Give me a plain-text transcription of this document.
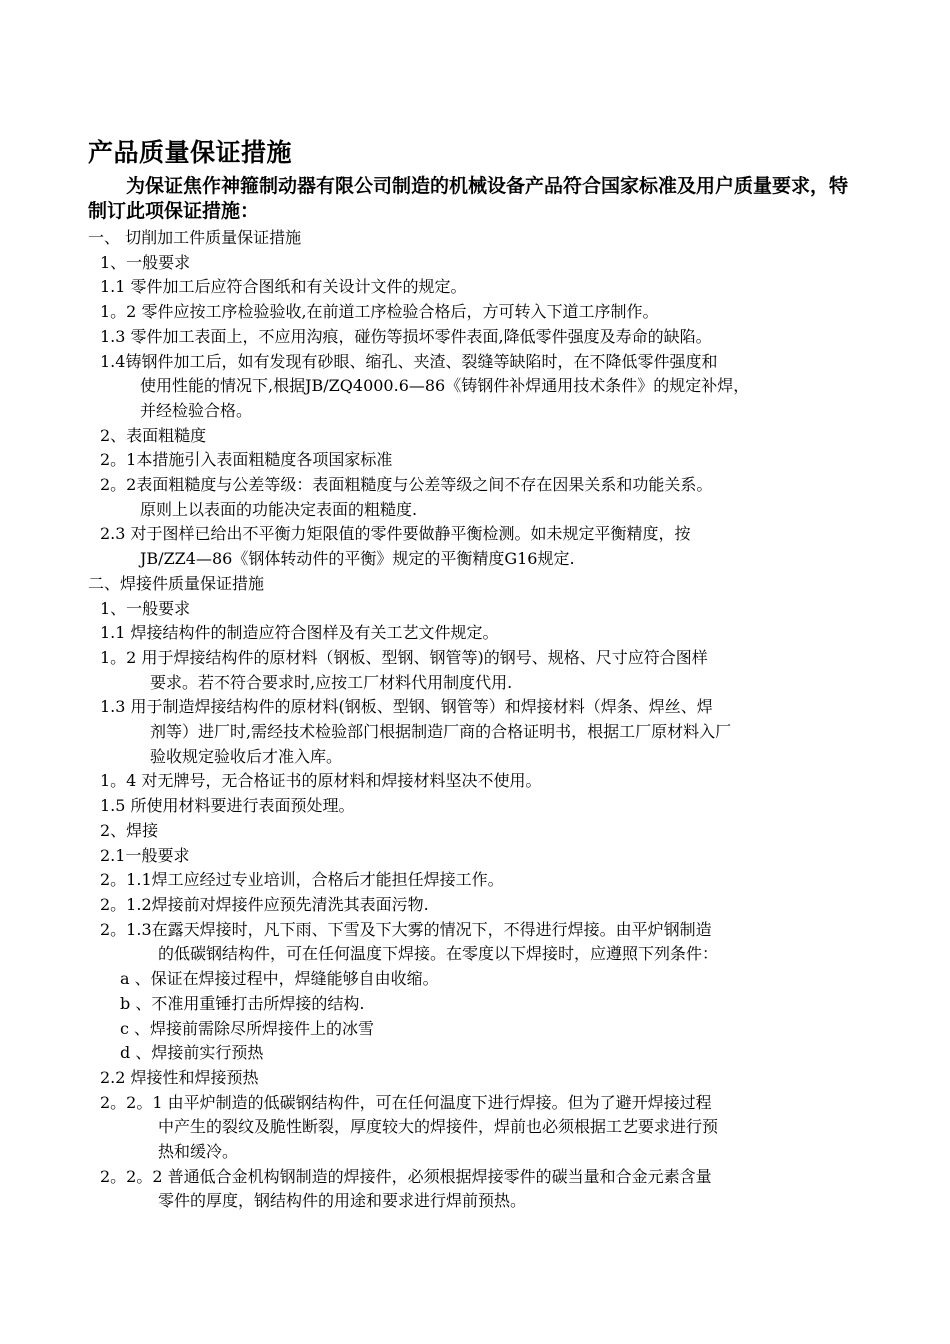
产品质量保证措施
为保证焦作神箍制动器有限公司制造的机械设备产品符合国家标准及用户质量要求，特制订此项保证措施：
一、 切削加工件质量保证措施
1、一般要求
1.1 零件加工后应符合图纸和有关设计文件的规定。
1。2 零件应按工序检验验收,在前道工序检验合格后，方可转入下道工序制作。
1.3 零件加工表面上，不应用沟痕，碰伤等损坏零件表面,降低零件强度及寿命的缺陷。
1.4铸钢件加工后，如有发现有砂眼、缩孔、夹渣、裂缝等缺陷时，在不降低零件强度和
使用性能的情况下,根据JB/ZQ4000.6—86《铸钢件补焊通用技术条件》的规定补焊，
并经检验合格。
2、表面粗糙度
2。1本措施引入表面粗糙度各项国家标准
2。2表面粗糙度与公差等级：表面粗糙度与公差等级之间不存在因果关系和功能关系。
原则上以表面的功能决定表面的粗糙度.
2.3 对于图样已给出不平衡力矩限值的零件要做静平衡检测。如未规定平衡精度，按
JB/ZZ4—86《钢体转动件的平衡》规定的平衡精度G16规定.
二、焊接件质量保证措施
1、一般要求
1.1 焊接结构件的制造应符合图样及有关工艺文件规定。
1。2 用于焊接结构件的原材料（钢板、型钢、钢管等)的钢号、规格、尺寸应符合图样
要求。若不符合要求时,应按工厂材料代用制度代用.
1.3 用于制造焊接结构件的原材料(钢板、型钢、钢管等）和焊接材料（焊条、焊丝、焊
剂等）进厂时,需经技术检验部门根据制造厂商的合格证明书，根据工厂原材料入厂
验收规定验收后才准入库。
1。4 对无牌号，无合格证书的原材料和焊接材料坚决不使用。
1.5 所使用材料要进行表面预处理。
2、焊接
2.1一般要求
2。1.1焊工应经过专业培训，合格后才能担任焊接工作。
2。1.2焊接前对焊接件应预先清洗其表面污物.
2。1.3在露天焊接时，凡下雨、下雪及下大雾的情况下，不得进行焊接。由平炉钢制造
的低碳钢结构件，可在任何温度下焊接。在零度以下焊接时，应遵照下列条件：
a 、保证在焊接过程中，焊缝能够自由收缩。
b 、不准用重锤打击所焊接的结构.
c 、焊接前需除尽所焊接件上的冰雪
d 、焊接前实行预热
2.2 焊接性和焊接预热
2。2。1 由平炉制造的低碳钢结构件，可在任何温度下进行焊接。但为了避开焊接过程
中产生的裂纹及脆性断裂，厚度较大的焊接件，焊前也必须根据工艺要求进行预
热和缓冷。
2。2。2 普通低合金机构钢制造的焊接件，必须根据焊接零件的碳当量和合金元素含量
零件的厚度，钢结构件的用途和要求进行焊前预热。
